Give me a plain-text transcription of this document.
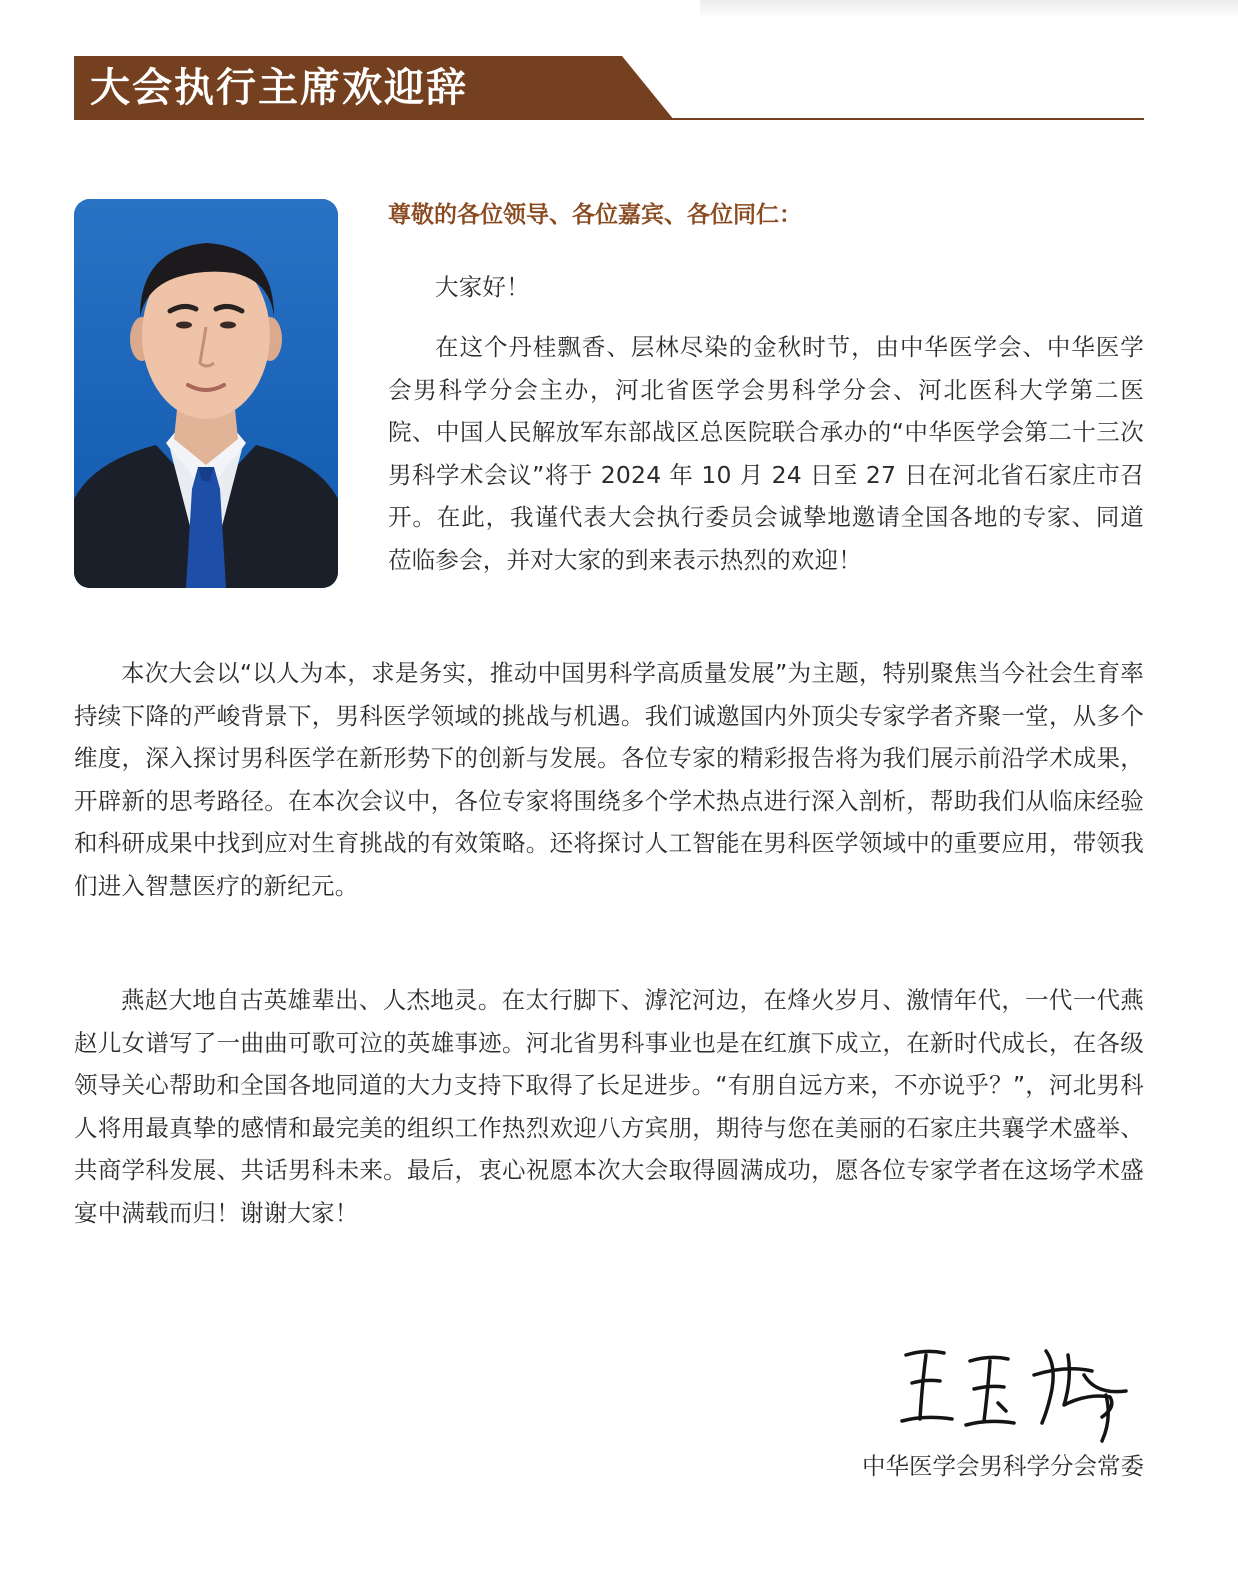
大会执行主席欢迎辞
尊敬的各位领导、各位嘉宾、各位同仁：

大家好！

在这个丹桂飘香、层林尽染的金秋时节，由中华医学会、中华医学会男科学分会主办，河北省医学会男科学分会、河北医科大学第二医院、中国人民解放军东部战区总医院联合承办的“中华医学会第二十三次男科学术会议”将于 2024 年 10 月 24 日至 27 日在河北省石家庄市召开。在此，我谨代表大会执行委员会诚挚地邀请全国各地的专家、同道莅临参会，并对大家的到来表示热烈的欢迎！

本次大会以“以人为本，求是务实，推动中国男科学高质量发展”为主题，特别聚焦当今社会生育率持续下降的严峻背景下，男科医学领域的挑战与机遇。我们诚邀国内外顶尖专家学者齐聚一堂，从多个维度，深入探讨男科医学在新形势下的创新与发展。各位专家的精彩报告将为我们展示前沿学术成果，开辟新的思考路径。在本次会议中，各位专家将围绕多个学术热点进行深入剖析，帮助我们从临床经验和科研成果中找到应对生育挑战的有效策略。还将探讨人工智能在男科医学领域中的重要应用，带领我们进入智慧医疗的新纪元。

燕赵大地自古英雄辈出、人杰地灵。在太行脚下、滹沱河边，在烽火岁月、激情年代，一代一代燕赵儿女谱写了一曲曲可歌可泣的英雄事迹。河北省男科事业也是在红旗下成立，在新时代成长，在各级领导关心帮助和全国各地同道的大力支持下取得了长足进步。“有朋自远方来，不亦说乎？”，河北男科人将用最真挚的感情和最完美的组织工作热烈欢迎八方宾朋，期待与您在美丽的石家庄共襄学术盛举、共商学科发展、共话男科未来。最后，衷心祝愿本次大会取得圆满成功，愿各位专家学者在这场学术盛宴中满载而归！谢谢大家！

中华医学会男科学分会常委
